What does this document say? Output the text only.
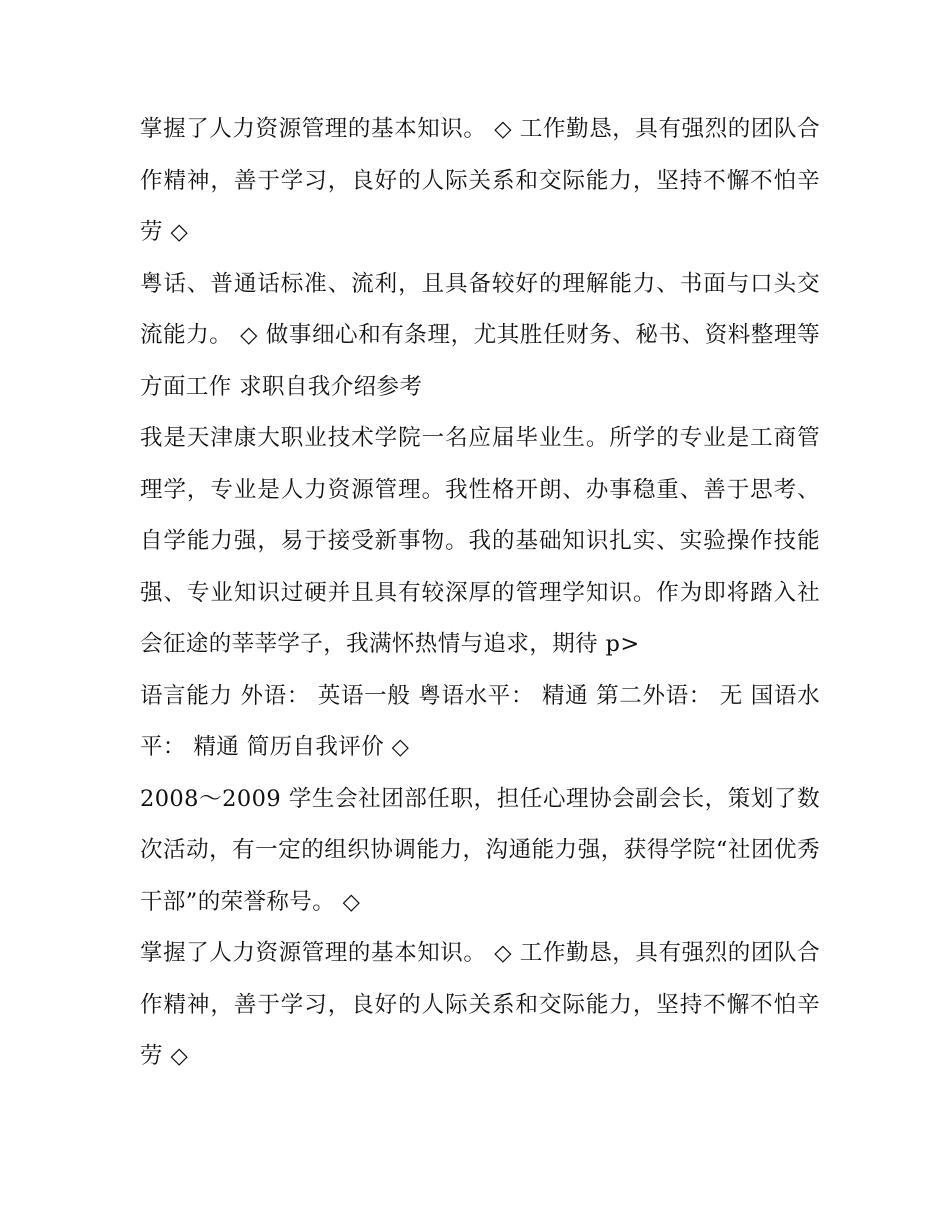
掌握了人力资源管理的基本知识。 ◇ 工作勤恳，具有强烈的团队合作精神，善于学习，良好的人际关系和交际能力，坚持不懈不怕辛劳 ◇

粤话、普通话标准、流利，且具备较好的理解能力、书面与口头交流能力。 ◇ 做事细心和有条理，尤其胜任财务、秘书、资料整理等方面工作 求职自我介绍参考

我是天津康大职业技术学院一名应届毕业生。所学的专业是工商管理学，专业是人力资源管理。我性格开朗、办事稳重、善于思考、自学能力强，易于接受新事物。我的基础知识扎实、实验操作技能强、专业知识过硬并且具有较深厚的管理学知识。作为即将踏入社会征途的莘莘学子，我满怀热情与追求，期待 p>

语言能力 外语： 英语一般 粤语水平： 精通 第二外语： 无 国语水平： 精通 简历自我评价 ◇

2008～2009 学生会社团部任职，担任心理协会副会长，策划了数次活动，有一定的组织协调能力，沟通能力强，获得学院“社团优秀干部”的荣誉称号。 ◇

掌握了人力资源管理的基本知识。 ◇ 工作勤恳，具有强烈的团队合作精神，善于学习，良好的人际关系和交际能力，坚持不懈不怕辛劳 ◇
